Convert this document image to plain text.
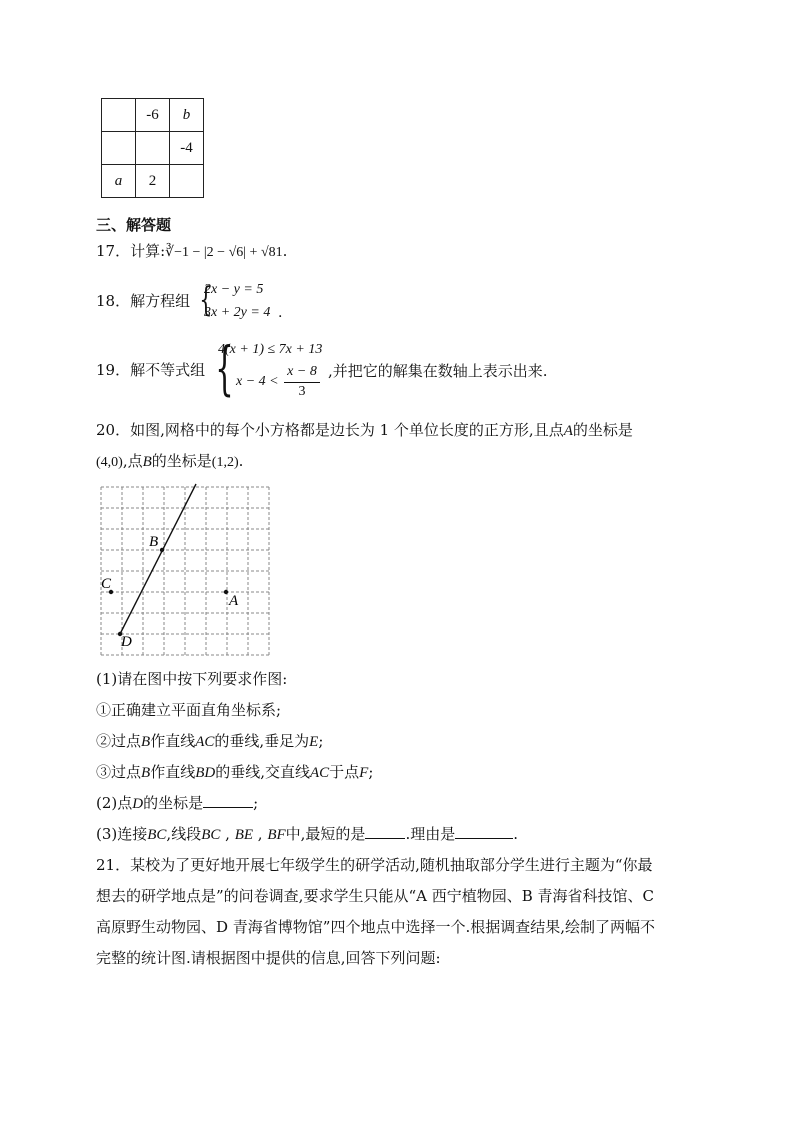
	-6	b
		-4
a	2	
三、解答题
17．计算:∛−1 − |2 − √6| + √81.
18．解方程组 {
2x − y = 5
3x + 2y = 4 .
19．解不等式组 {
4(x + 1) ≤ 7x + 13
x − 4 <
x − 8
3
,并把它的解集在数轴上表示出来.
20．如图,网格中的每个小方格都是边长为 1 个单位长度的正方形,且点A的坐标是
(4,0),点B的坐标是(1,2).
B
C
A
D
(1)请在图中按下列要求作图:
①正确建立平面直角坐标系;
②过点B作直线AC的垂线,垂足为E;
③过点B作直线BD的垂线,交直线AC于点F;
(2)点D的坐标是	;
(3)连接BC,线段BC , BE , BF中,最短的是	.理由是	.
21．某校为了更好地开展七年级学生的研学活动,随机抽取部分学生进行主题为“你最
想去的研学地点是”的问卷调查,要求学生只能从“A 西宁植物园、B 青海省科技馆、C
高原野生动物园、D 青海省博物馆”四个地点中选择一个.根据调查结果,绘制了两幅不
完整的统计图.请根据图中提供的信息,回答下列问题:
